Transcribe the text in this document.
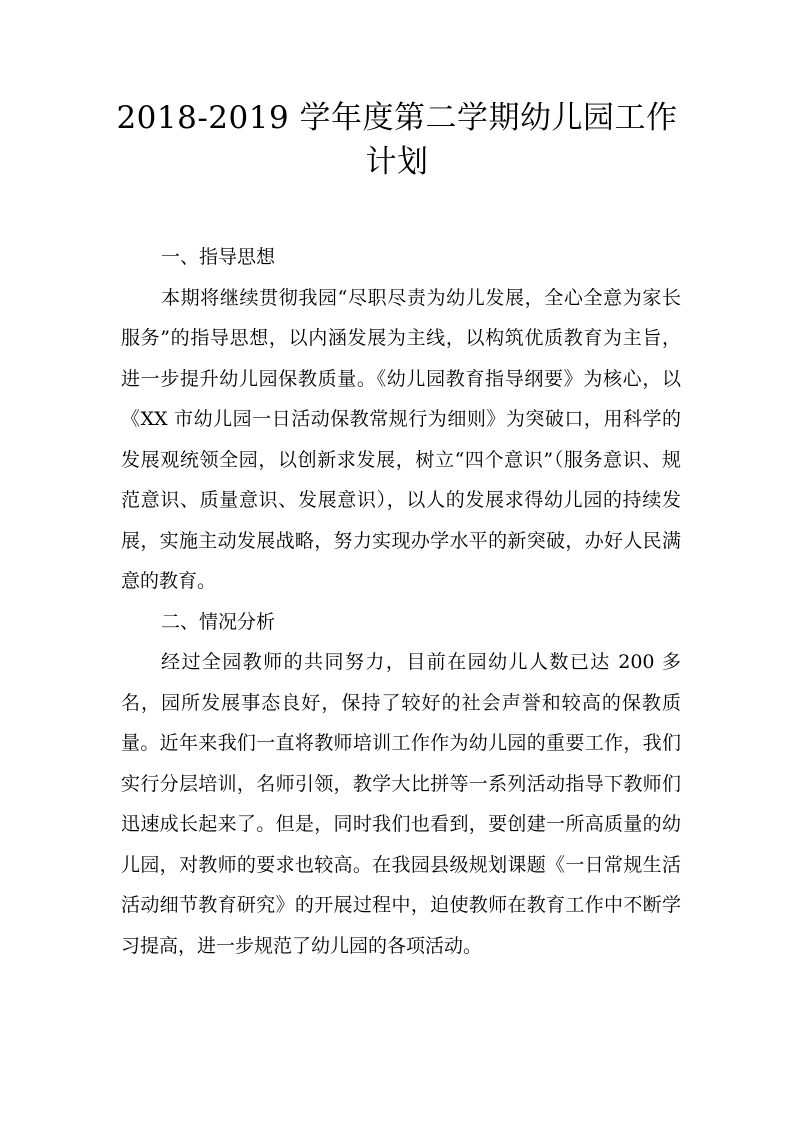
2018-2019 学年度第二学期幼儿园工作
计划

一、指导思想

本期将继续贯彻我园“尽职尽责为幼儿发展，全心全意为家长服务”的指导思想，以内涵发展为主线，以构筑优质教育为主旨，进一步提升幼儿园保教质量。《幼儿园教育指导纲要》为核心，以《XX 市幼儿园一日活动保教常规行为细则》为突破口，用科学的发展观统领全园，以创新求发展，树立“四个意识”（服务意识、规范意识、质量意识、发展意识），以人的发展求得幼儿园的持续发展，实施主动发展战略，努力实现办学水平的新突破，办好人民满意的教育。

二、情况分析

经过全园教师的共同努力，目前在园幼儿人数已达 200 多名，园所发展事态良好，保持了较好的社会声誉和较高的保教质量。近年来我们一直将教师培训工作作为幼儿园的重要工作，我们实行分层培训，名师引领，教学大比拼等一系列活动指导下教师们迅速成长起来了。但是，同时我们也看到，要创建一所高质量的幼儿园，对教师的要求也较高。在我园县级规划课题《一日常规生活活动细节教育研究》的开展过程中，迫使教师在教育工作中不断学习提高，进一步规范了幼儿园的各项活动。
